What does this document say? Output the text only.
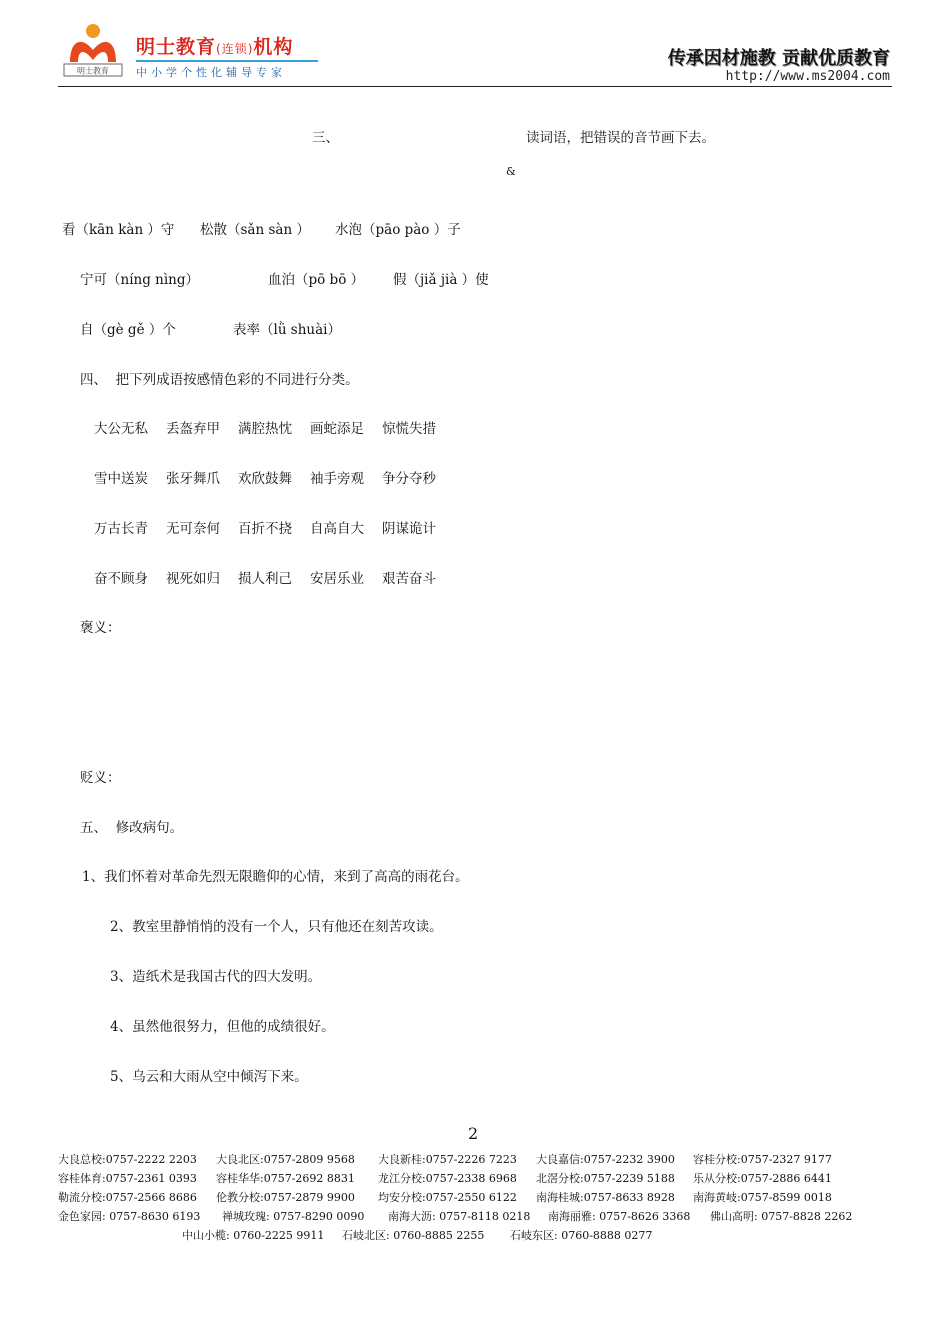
明士教育
明士教育(连锁)机构
中小学个性化辅导专家
传承因材施教 贡献优质教育
http://www.ms2004.com
三、	读词语，把错误的音节画下去。
&
看（kān kàn ）守 松散（sǎn sàn ） 水泡（pāo pào ）子
宁可（níng nìng）	血泊（pō bō ） 假（jiǎ jià ）使
自（gè gě ）个	表率（lǜ shuài）
四、  把下列成语按感情色彩的不同进行分类。
大公无私 丢盔弃甲 满腔热忱 画蛇添足 惊慌失措
雪中送炭 张牙舞爪 欢欣鼓舞 袖手旁观 争分夺秒
万古长青 无可奈何 百折不挠 自高自大 阴谋诡计
奋不顾身 视死如归 损人利己 安居乐业 艰苦奋斗
褒义：
贬义：
五、  修改病句。
1、我们怀着对革命先烈无限瞻仰的心情，来到了高高的雨花台。
2、教室里静悄悄的没有一个人，只有他还在刻苦攻读。
3、造纸术是我国古代的四大发明。
4、虽然他很努力，但他的成绩很好。
5、乌云和大雨从空中倾泻下来。
2
大良总校:0757-2222 2203 大良北区:0757-2809 9568 大良新桂:0757-2226 7223 大良嘉信:0757-2232 3900 容桂分校:0757-2327 9177
容桂体育:0757-2361 0393 容桂华华:0757-2692 8831 龙江分校:0757-2338 6968 北滘分校:0757-2239 5188 乐从分校:0757-2886 6441
勒流分校:0757-2566 8686 伦教分校:0757-2879 9900 均安分校:0757-2550 6122 南海桂城:0757-8633 8928 南海黄岐:0757-8599 0018
金色家园: 0757-8630 6193 禅城玫瑰: 0757-8290 0090 南海大沥: 0757-8118 0218 南海丽雅: 0757-8626 3368 佛山高明: 0757-8828 2262
中山小榄: 0760-2225 9911 石岐北区: 0760-8885 2255 石岐东区: 0760-8888 0277
